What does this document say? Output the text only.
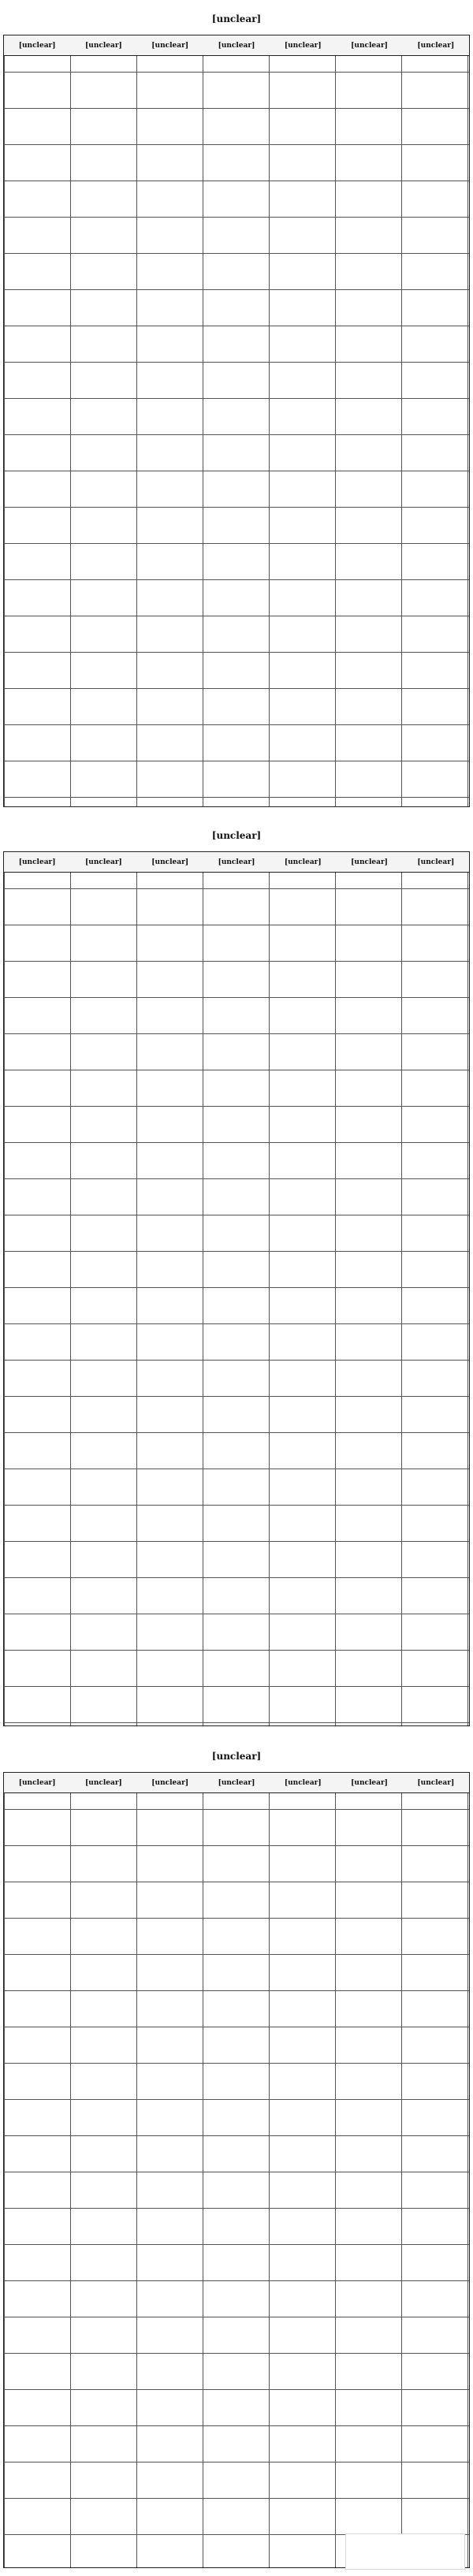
[unclear]
[unclear]	[unclear]	[unclear]	[unclear]	[unclear]	[unclear]	[unclear]
[unclear]
[unclear]	[unclear]	[unclear]	[unclear]	[unclear]	[unclear]	[unclear]
[unclear]
[unclear]	[unclear]	[unclear]	[unclear]	[unclear]	[unclear]	[unclear]
